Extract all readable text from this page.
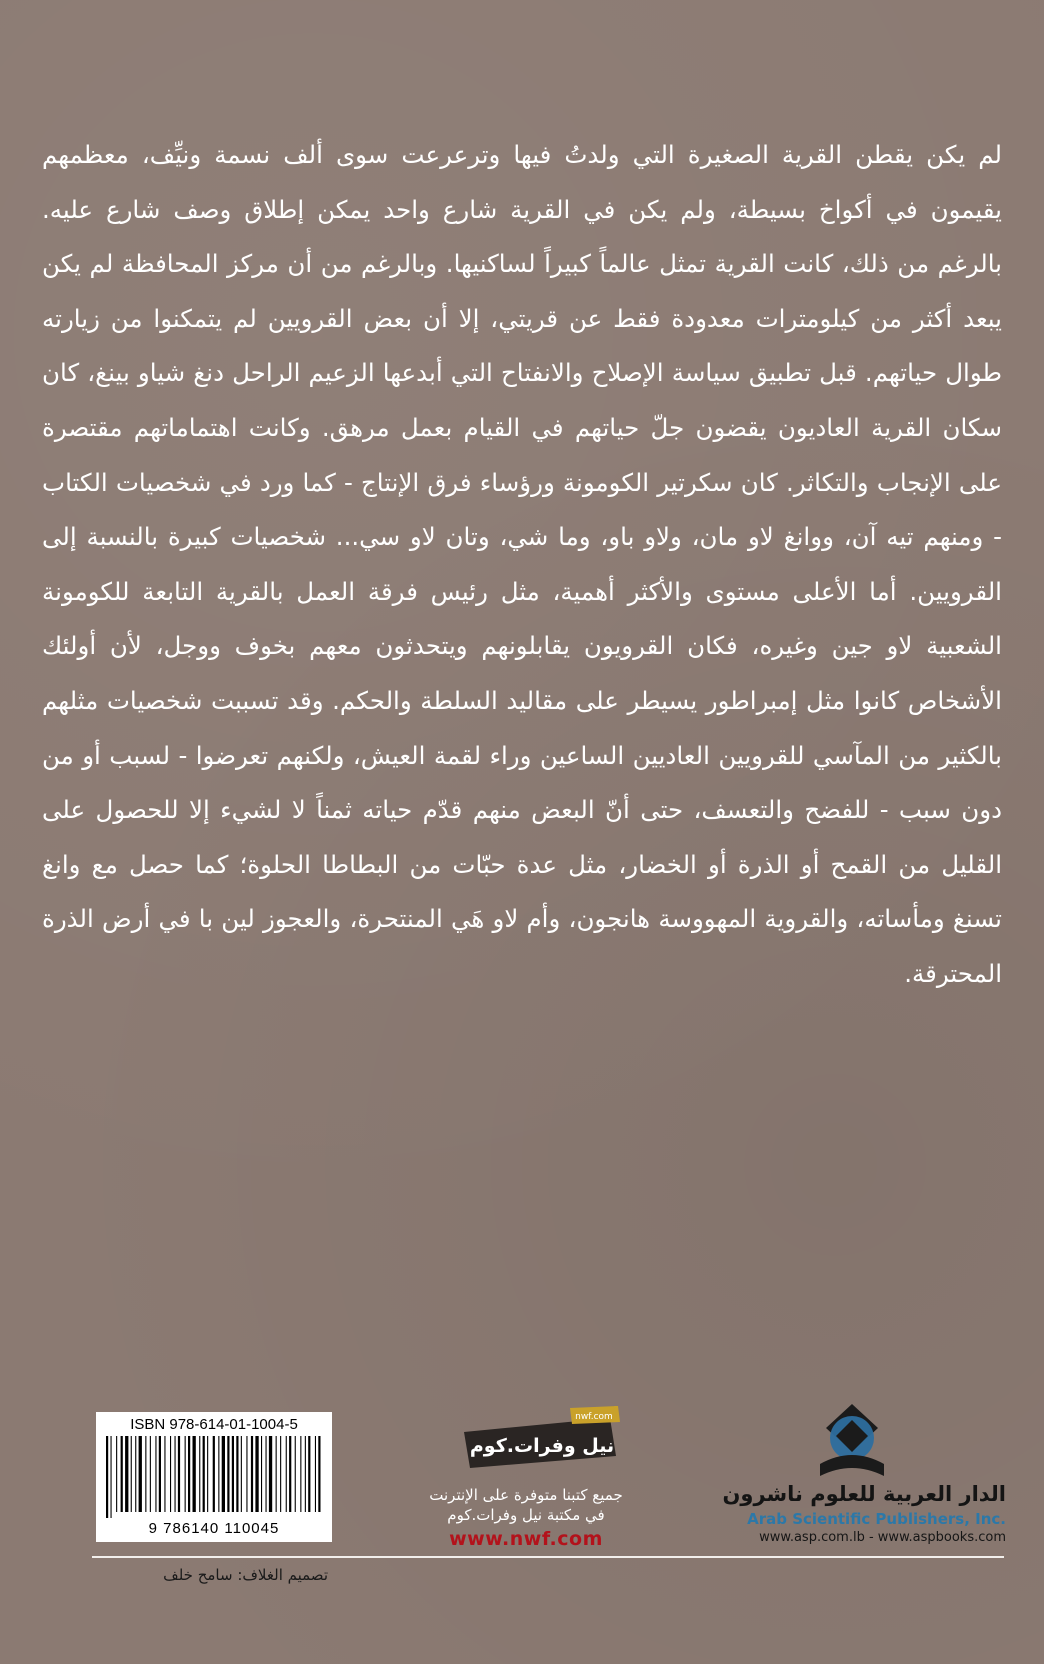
لم يكن يقطن القرية الصغيرة التي ولدتُ فيها وترعرعت سوى ألف نسمة ونيِّف، معظمهم يقيمون في أكواخ بسيطة، ولم يكن في القرية شارع واحد يمكن إطلاق وصف شارع عليه. بالرغم من ذلك، كانت القرية تمثل عالماً كبيراً لساكنيها. وبالرغم من أن مركز المحافظة لم يكن يبعد أكثر من كيلومترات معدودة فقط عن قريتي، إلا أن بعض القرويين لم يتمكنوا من زيارته طوال حياتهم. قبل تطبيق سياسة الإصلاح والانفتاح التي أبدعها الزعيم الراحل دنغ شياو بينغ، كان سكان القرية العاديون يقضون جلّ حياتهم في القيام بعمل مرهق. وكانت اهتماماتهم مقتصرة على الإنجاب والتكاثر. كان سكرتير الكومونة ورؤساء فرق الإنتاج - كما ورد في شخصيات الكتاب - ومنهم تيه آن، ووانغ لاو مان، ولاو باو، وما شي، وتان لاو سي... شخصيات كبيرة بالنسبة إلى القرويين. أما الأعلى مستوى والأكثر أهمية، مثل رئيس فرقة العمل بالقرية التابعة للكومونة الشعبية لاو جين وغيره، فكان القرويون يقابلونهم ويتحدثون معهم بخوف ووجل، لأن أولئك الأشخاص كانوا مثل إمبراطور يسيطر على مقاليد السلطة والحكم. وقد تسببت شخصيات مثلهم بالكثير من المآسي للقرويين العاديين الساعين وراء لقمة العيش، ولكنهم تعرضوا - لسبب أو من دون سبب - للفضح والتعسف، حتى أنّ البعض منهم قدّم حياته ثمناً لا لشيء إلا للحصول على القليل من القمح أو الذرة أو الخضار، مثل عدة حبّات من البطاطا الحلوة؛ كما حصل مع وانغ تسنغ ومأساته، والقروية المهووسة هانجون، وأم لاو هَي المنتحرة، والعجوز لين با في أرض الذرة المحترقة.

ISBN 978-614-01-1004-5
9 786140 110045
nwf.com
نيل وفرات.كوم
جميع كتبنا متوفرة على الإنترنت
في مكتبة نيل وفرات.كوم
www.nwf.com
الدار العربية للعلوم ناشرون
Arab Scientific Publishers, Inc.
www.asp.com.lb - www.aspbooks.com
تصميم الغلاف: سامح خلف
